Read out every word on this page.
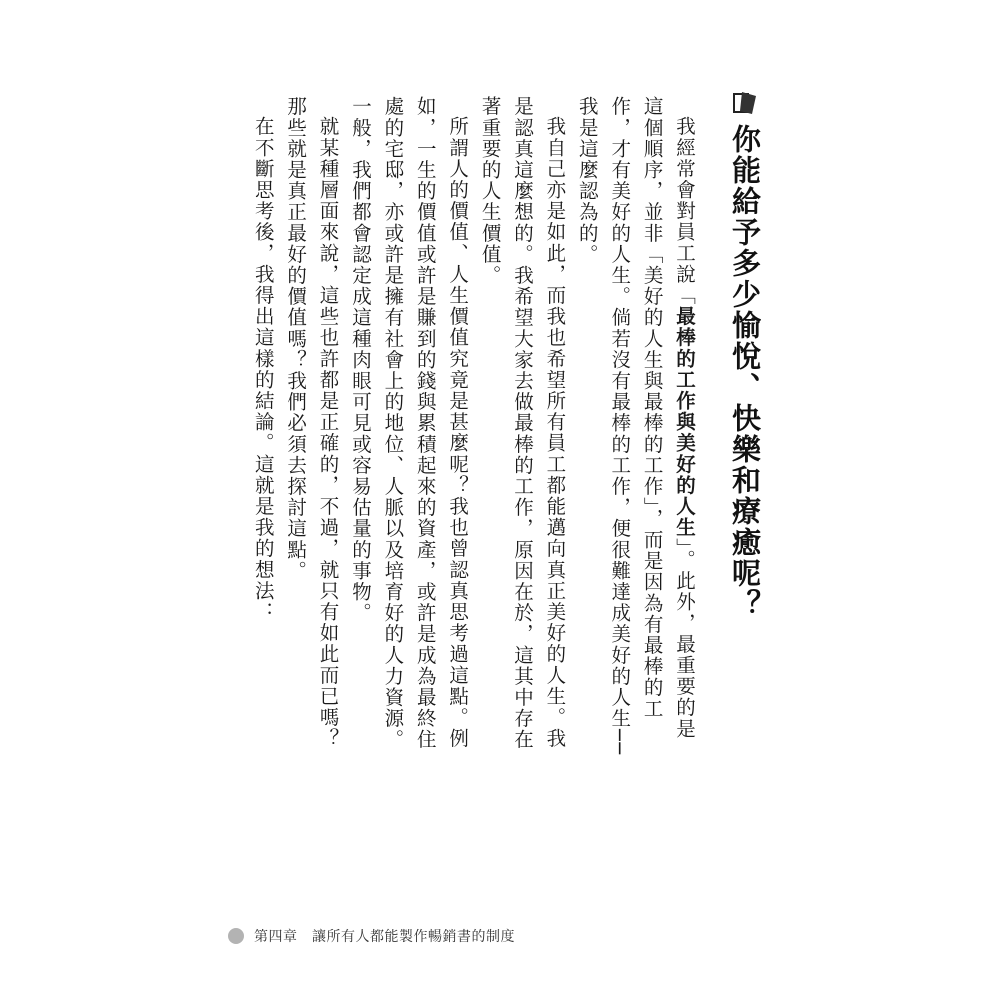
你能給予多少愉悅、快樂和療癒呢？

我經常會對員工說「最棒的工作與美好的人生」。此外，最重要的是這個順序，並非「美好的人生與最棒的工作」，而是因為有最棒的工作，才有美好的人生。倘若沒有最棒的工作，便很難達成美好的人生──我是這麼認為的。

我自己亦是如此，而我也希望所有員工都能邁向真正美好的人生。我是認真這麼想的。我希望大家去做最棒的工作，原因在於，這其中存在著重要的人生價值。

所謂人的價值、人生價值究竟是甚麼呢？我也曾認真思考過這點。例如，一生的價值或許是賺到的錢與累積起來的資產，或許是成為最終住處的宅邸，亦或許是擁有社會上的地位、人脈以及培育好的人力資源。一般，我們都會認定成這種肉眼可見或容易估量的事物。

就某種層面來說，這些也許都是正確的，不過，就只有如此而已嗎？那些就是真正最好的價值嗎？我們必須去探討這點。

在不斷思考後，我得出這樣的結論。這就是我的想法：

第四章　讓所有人都能製作暢銷書的制度
